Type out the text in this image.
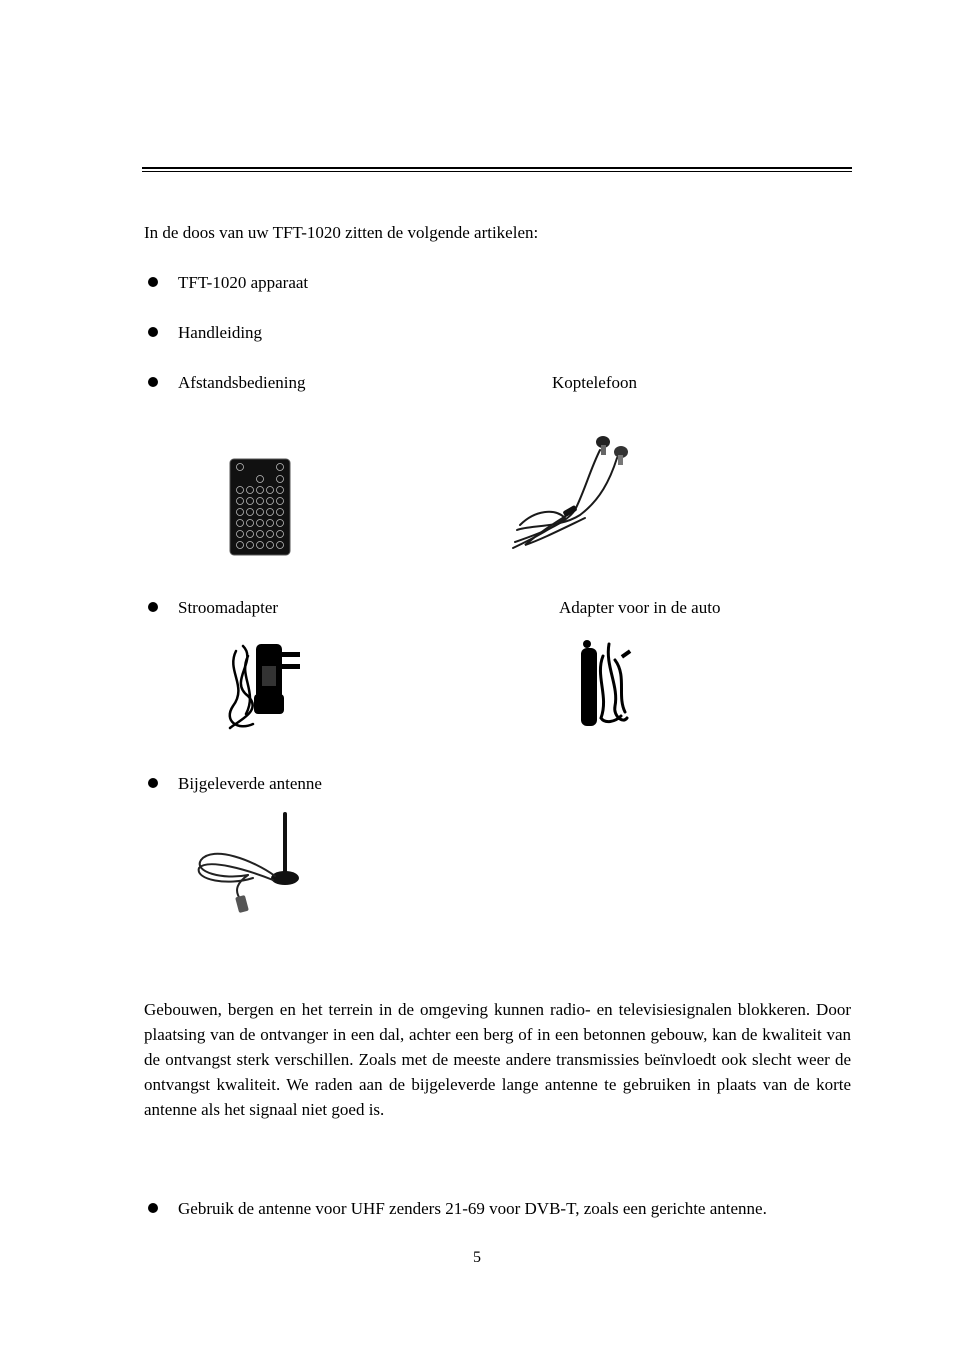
In de doos van uw TFT-1020 zitten de volgende artikelen:
TFT-1020 apparaat
Handleiding
Afstandsbediening	Koptelefoon
Stroomadapter	Adapter voor in de auto
Bijgeleverde antenne
Gebouwen, bergen en het terrein in de omgeving kunnen radio- en televisiesignalen blokkeren. Door plaatsing van de ontvanger in een dal, achter een berg of in een betonnen gebouw, kan de kwaliteit van de ontvangst sterk verschillen. Zoals met de meeste andere transmissies beïnvloedt ook slecht weer de ontvangst kwaliteit. We raden aan de bijgeleverde lange antenne te gebruiken in plaats van de korte antenne als het signaal niet goed is.
Gebruik de antenne voor UHF zenders 21-69 voor DVB-T, zoals een gerichte antenne.
5
